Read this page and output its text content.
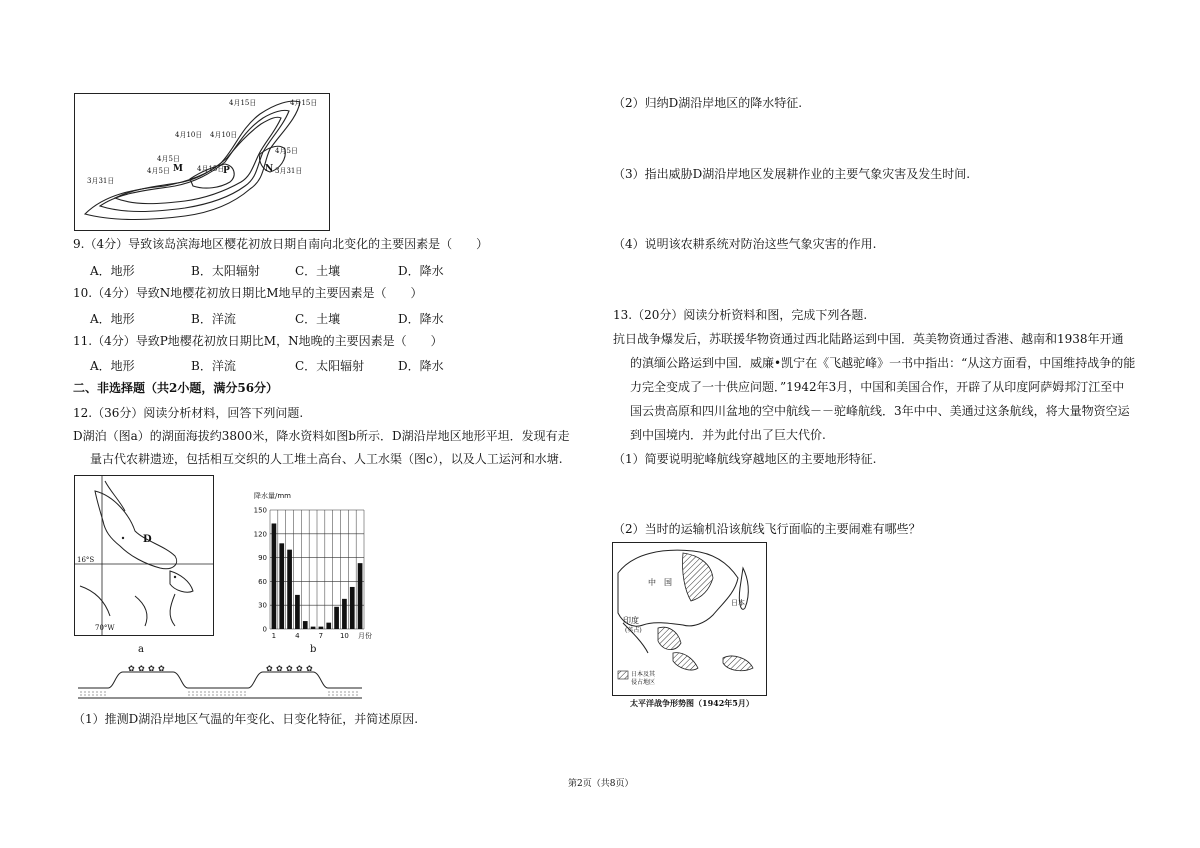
4月15日	4月15日
4月10日 4月10日
4月5日
4月5日
4月5日
4月15日
3月31日
3月31日
M	P	N
9.（4分）导致该岛滨海地区樱花初放日期自南向北变化的主要因素是（　　）
A．地形	B．太阳辐射	C．土壤	D．降水
10.（4分）导致N地樱花初放日期比M地早的主要因素是（　　）
A．地形	B．洋流	C．土壤	D．降水
11.（4分）导致P地樱花初放日期比M，N地晚的主要因素是（　　）
A．地形	B．洋流	C．太阳辐射	D．降水
二、非选择题（共2小题，满分56分）
12.（36分）阅读分析材料，回答下列问题.
D湖泊（图a）的湖面海拔约3800米，降水资料如图b所示．D湖沿岸地区地形平坦．发现有走
量古代农耕遗迹，包括相互交织的人工堆土高台、人工水渠（图c），以及人工运河和水塘.
D
16°S
70°W
a
降水量/mm
150
120
90
60
30
0
1	4	7 10 月份
b
✿ ✿ ✿ ✿	✿ ✿ ✿ ✿ ✿
（1）推测D湖沿岸地区气温的年变化、日变化特征，并简述原因.
（2）归纳D湖沿岸地区的降水特征.
（3）指出威胁D湖沿岸地区发展耕作业的主要气象灾害及发生时间.
（4）说明该农耕系统对防治这些气象灾害的作用.
13.（20分）阅读分析资料和图，完成下列各题.
抗日战争爆发后，苏联援华物资通过西北陆路运到中国．英美物资通过香港、越南和1938年开通
的滇缅公路运到中国．威廉•凯宁在《飞越驼峰》一书中指出：“从这方面看，中国维持战争的能
力完全变成了一十供应问题．”1942年3月，中国和美国合作，开辟了从印度阿萨姆邦汀江至中
国云贵高原和四川盆地的空中航线－－驼峰航线．3年中中、美通过这条航线，将大量物资空运
到中国境内．并为此付出了巨大代价.
（1）简要说明驼峰航线穿越地区的主要地形特征.
（2）当时的运输机沿该航线飞行面临的主要闹难有哪些？
中　国
日本
印度
(英占)
日本及其
侵占地区
太平洋战争形势图（1942年5月）
第2页（共8页）
